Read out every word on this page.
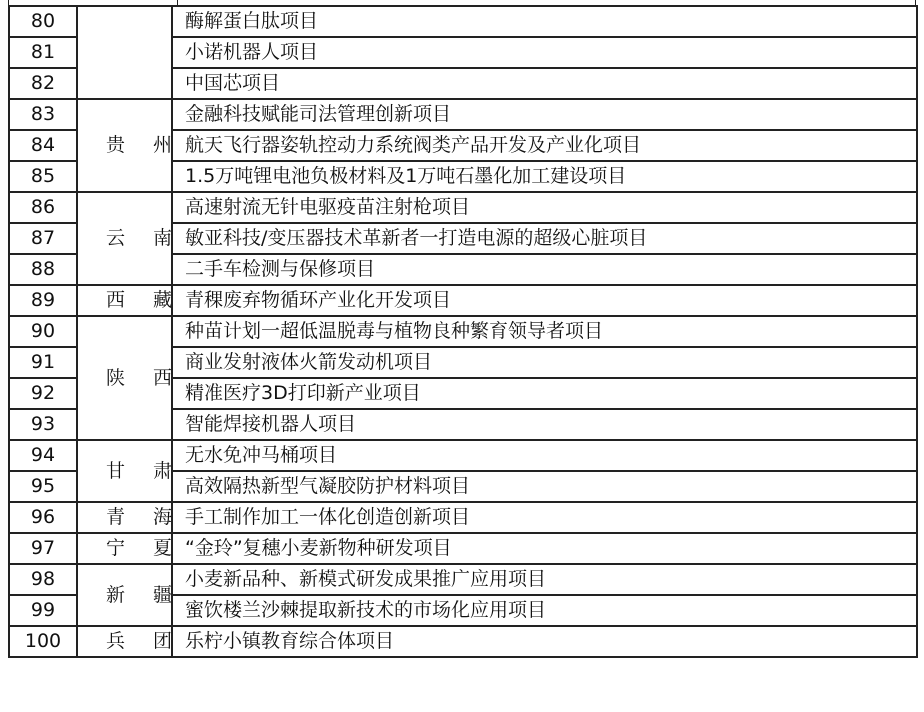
80		酶解蛋白肽项目
81		小诺机器人项目
82		中国芯项目
83	贵州	金融科技赋能司法管理创新项目
84		航天飞行器姿轨控动力系统阀类产品开发及产业化项目
85		1.5万吨锂电池负极材料及1万吨石墨化加工建设项目
86	云南	高速射流无针电驱疫苗注射枪项目
87		敏亚科技/变压器技术革新者一打造电源的超级心脏项目
88		二手车检测与保修项目
89	西藏	青稞废弃物循环产业化开发项目
90	陕西	种苗计划一超低温脱毒与植物良种繁育领导者项目
91		商业发射液体火箭发动机项目
92		精准医疗3D打印新产业项目
93		智能焊接机器人项目
94	甘肃	无水免冲马桶项目
95		高效隔热新型气凝胶防护材料项目
96	青海	手工制作加工一体化创造创新项目
97	宁夏	“金玲”复穗小麦新物种研发项目
98	新疆	小麦新品种、新模式研发成果推广应用项目
99		蜜饮楼兰沙棘提取新技术的市场化应用项目
100	兵团	乐柠小镇教育综合体项目
